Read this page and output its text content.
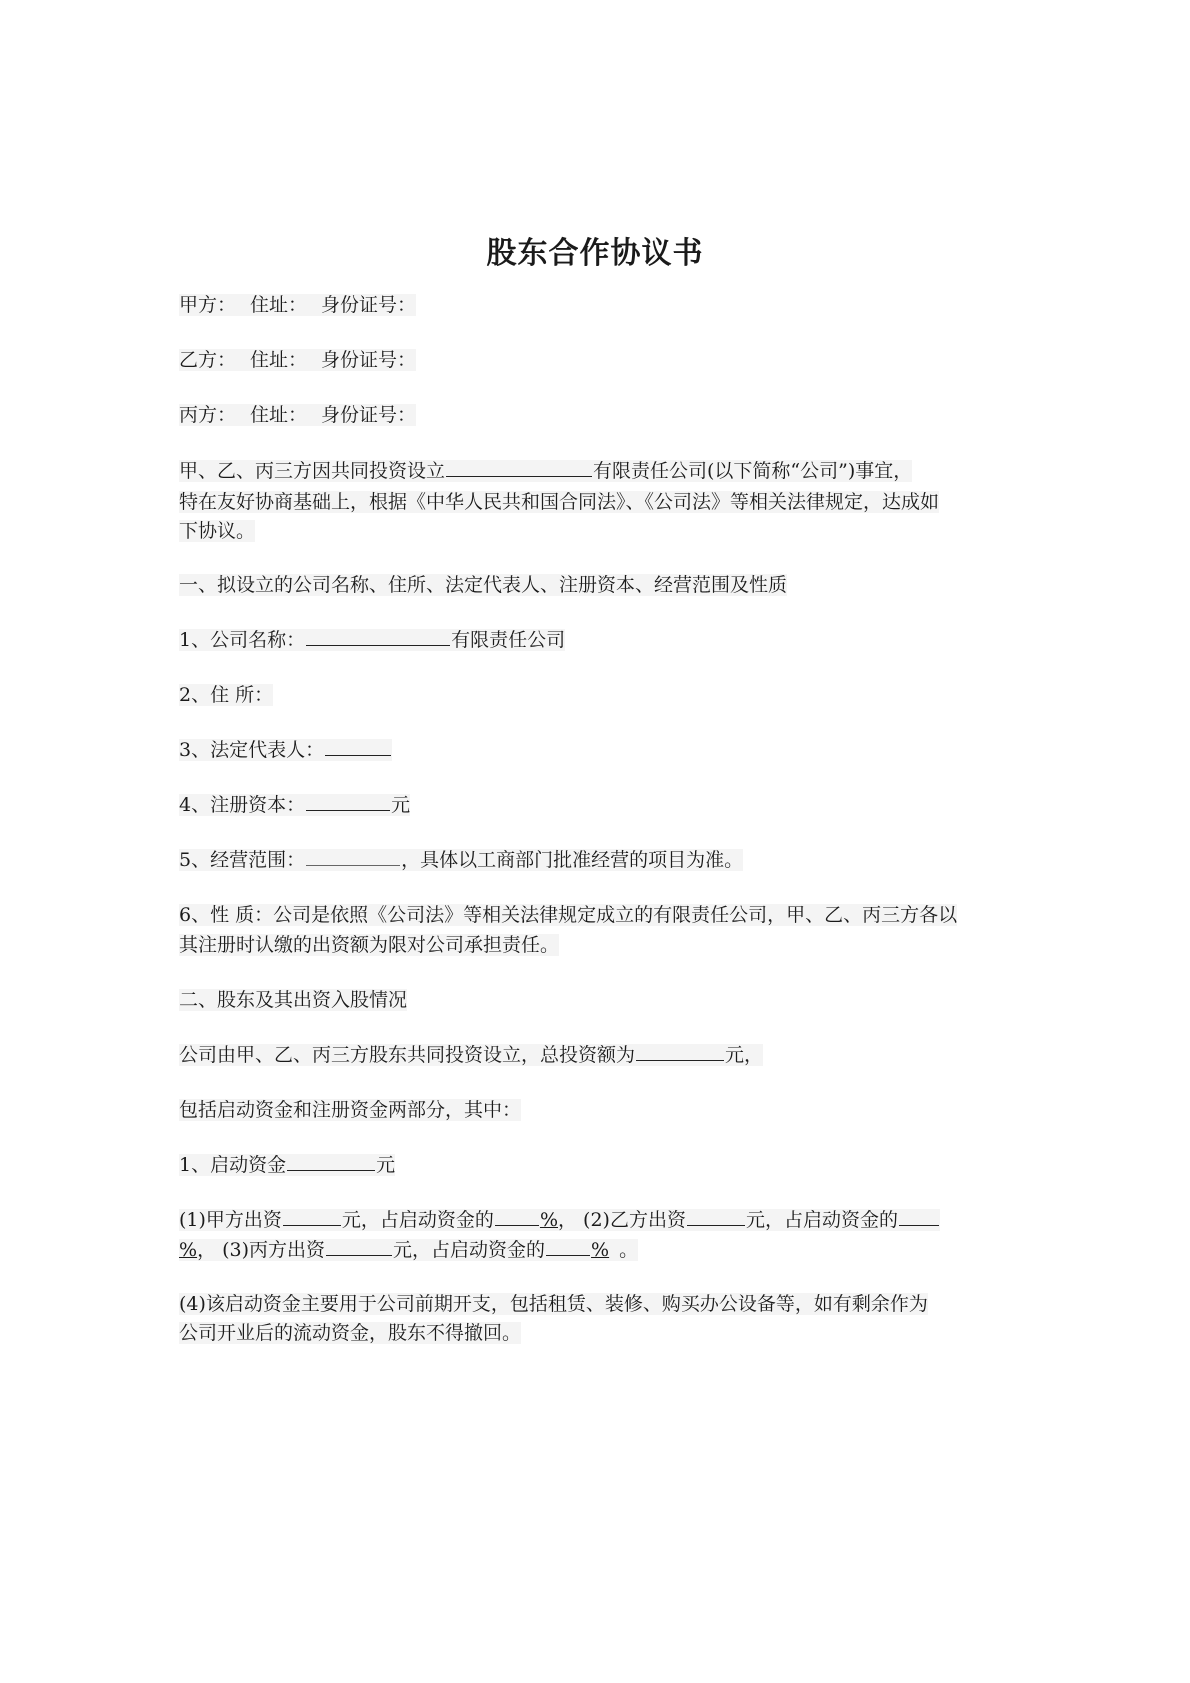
股东合作协议书
甲方： 住址： 身份证号：
乙方： 住址： 身份证号：
丙方： 住址： 身份证号：
甲、乙、丙三方因共同投资设立	有限责任公司(以下简称“公司”)事宜，
特在友好协商基础上，根据《中华人民共和国合同法》、《公司法》等相关法律规定，达成如
下协议。
一、拟设立的公司名称、住所、法定代表人、注册资本、经营范围及性质
1、公司名称：	有限责任公司
2、住 所：
3、法定代表人：
4、注册资本：	元
5、经营范围：	，具体以工商部门批准经营的项目为准。
6、性 质：公司是依照《公司法》等相关法律规定成立的有限责任公司，甲、乙、丙三方各以
其注册时认缴的出资额为限对公司承担责任。
二、股东及其出资入股情况
公司由甲、乙、丙三方股东共同投资设立，总投资额为	元，
包括启动资金和注册资金两部分，其中：
1、启动资金	元
(1)甲方出资	元，占启动资金的 %， (2)乙方出资	元，占启动资金的
%， (3)丙方出资	元，占启动资金的 % 。
(4)该启动资金主要用于公司前期开支，包括租赁、装修、购买办公设备等，如有剩余作为
公司开业后的流动资金，股东不得撤回。
